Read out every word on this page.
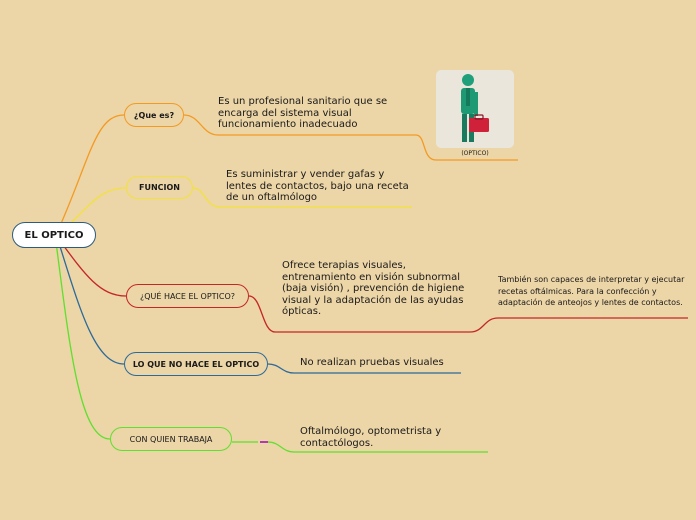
EL OPTICO
¿Que es?
FUNCION
¿QUÉ HACE EL OPTICO?
LO QUE NO HACE EL OPTICO
CON QUIEN TRABAJA
Es un profesional sanitario que se encarga del sistema visual funcionamiento inadecuado
Es suministrar y vender gafas y lentes de contactos, bajo una receta de un oftalmólogo
Ofrece terapias visuales, entrenamiento en visión subnormal (baja visión) , prevención de higiene visual y la adaptación de las ayudas ópticas.
También son capaces de interpretar y ejecutar recetas oftálmicas. Para la confección y adaptación de anteojos y lentes de contactos.
No realizan pruebas visuales
Oftalmólogo, optometrista y contactólogos.
(OPTICO)
